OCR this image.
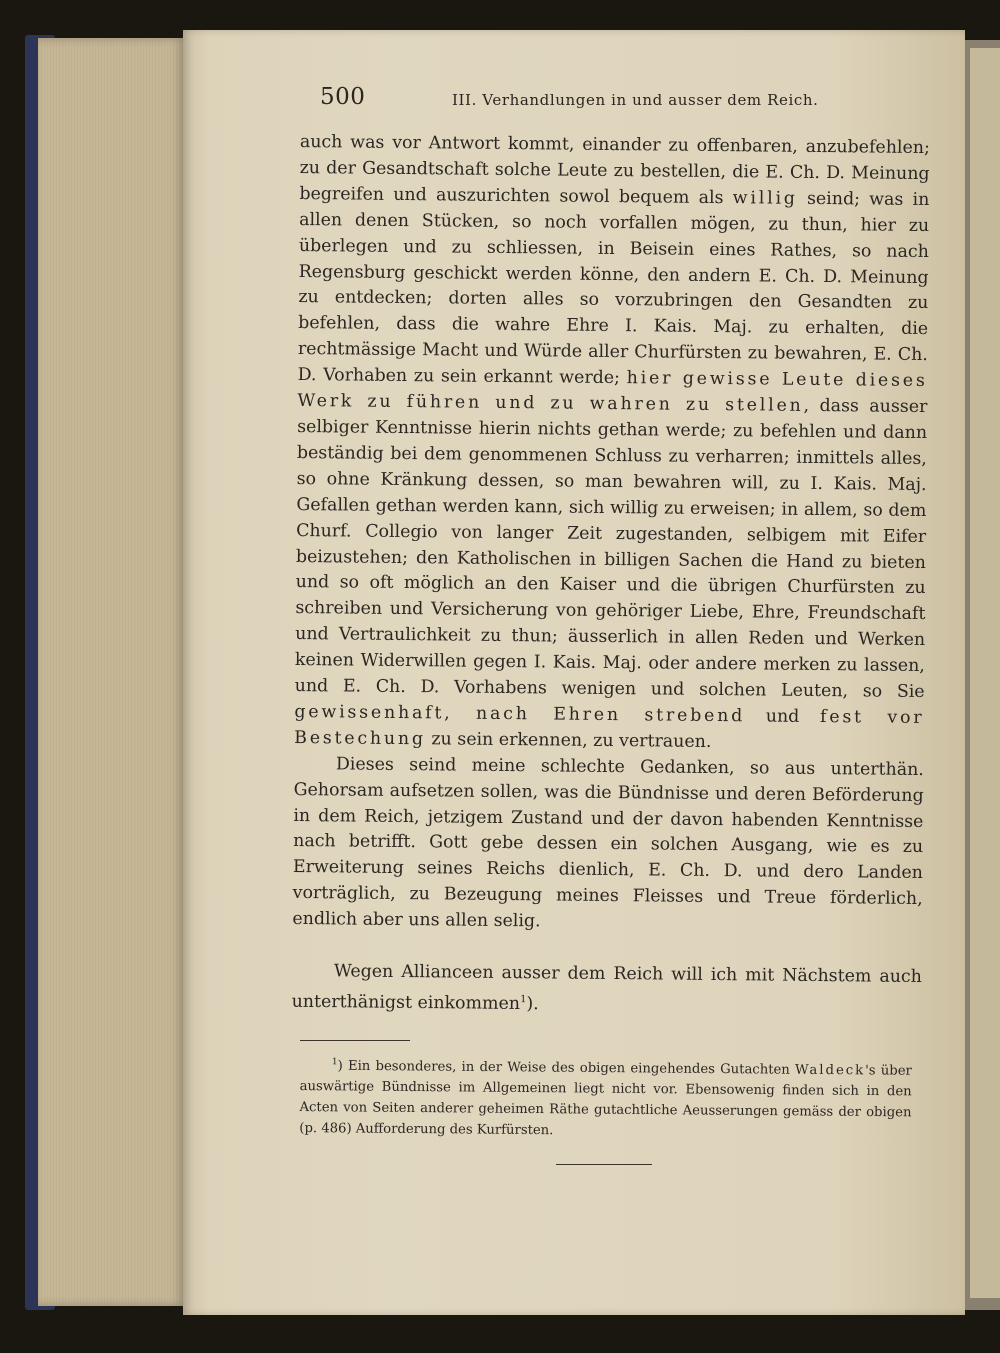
500	III. Verhandlungen in und ausser dem Reich.

auch was vor Antwort kommt, einander zu offenbaren, anzubefehlen; zu der Gesandtschaft solche Leute zu bestellen, die E. Ch. D. Meinung begreifen und auszurichten sowol bequem als willig seind; was in allen denen Stücken, so noch vorfallen mögen, zu thun, hier zu überlegen und zu schliessen, in Beisein eines Rathes, so nach Regensburg geschickt werden könne, den andern E. Ch. D. Meinung zu entdecken; dorten alles so vorzubringen den Gesandten zu befehlen, dass die wahre Ehre I. Kais. Maj. zu erhalten, die rechtmässige Macht und Würde aller Churfürsten zu bewahren, E. Ch. D. Vorhaben zu sein erkannt werde; hier gewisse Leute dieses Werk zu führen und zu wahren zu stellen, dass ausser selbiger Kenntnisse hierin nichts gethan werde; zu befehlen und dann beständig bei dem genommenen Schluss zu verharren; inmittels alles, so ohne Kränkung dessen, so man bewahren will, zu I. Kais. Maj. Gefallen gethan werden kann, sich willig zu erweisen; in allem, so dem Churf. Collegio von langer Zeit zugestanden, selbigem mit Eifer beizustehen; den Katholischen in billigen Sachen die Hand zu bieten und so oft möglich an den Kaiser und die übrigen Churfürsten zu schreiben und Versicherung von gehöriger Liebe, Ehre, Freundschaft und Vertraulichkeit zu thun; äusserlich in allen Reden und Werken keinen Widerwillen gegen I. Kais. Maj. oder andere merken zu lassen, und E. Ch. D. Vorhabens wenigen und solchen Leuten, so Sie gewissenhaft, nach Ehren strebend und fest vor Bestechung zu sein erkennen, zu vertrauen.

Dieses seind meine schlechte Gedanken, so aus unterthän. Gehorsam aufsetzen sollen, was die Bündnisse und deren Beförderung in dem Reich, jetzigem Zustand und der davon habenden Kenntnisse nach betrifft. Gott gebe dessen ein solchen Ausgang, wie es zu Erweiterung seines Reichs dienlich, E. Ch. D. und dero Landen vorträglich, zu Bezeugung meines Fleisses und Treue förderlich, endlich aber uns allen selig.

Wegen Allianceen ausser dem Reich will ich mit Nächstem auch unterthänigst einkommen$^1$).

$^1$) Ein besonderes, in der Weise des obigen eingehendes Gutachten Waldeck's über auswärtige Bündnisse im Allgemeinen liegt nicht vor. Ebensowenig finden sich in den Acten von Seiten anderer geheimen Räthe gutachtliche Aeusserungen gemäss der obigen (p. 486) Aufforderung des Kurfürsten.
